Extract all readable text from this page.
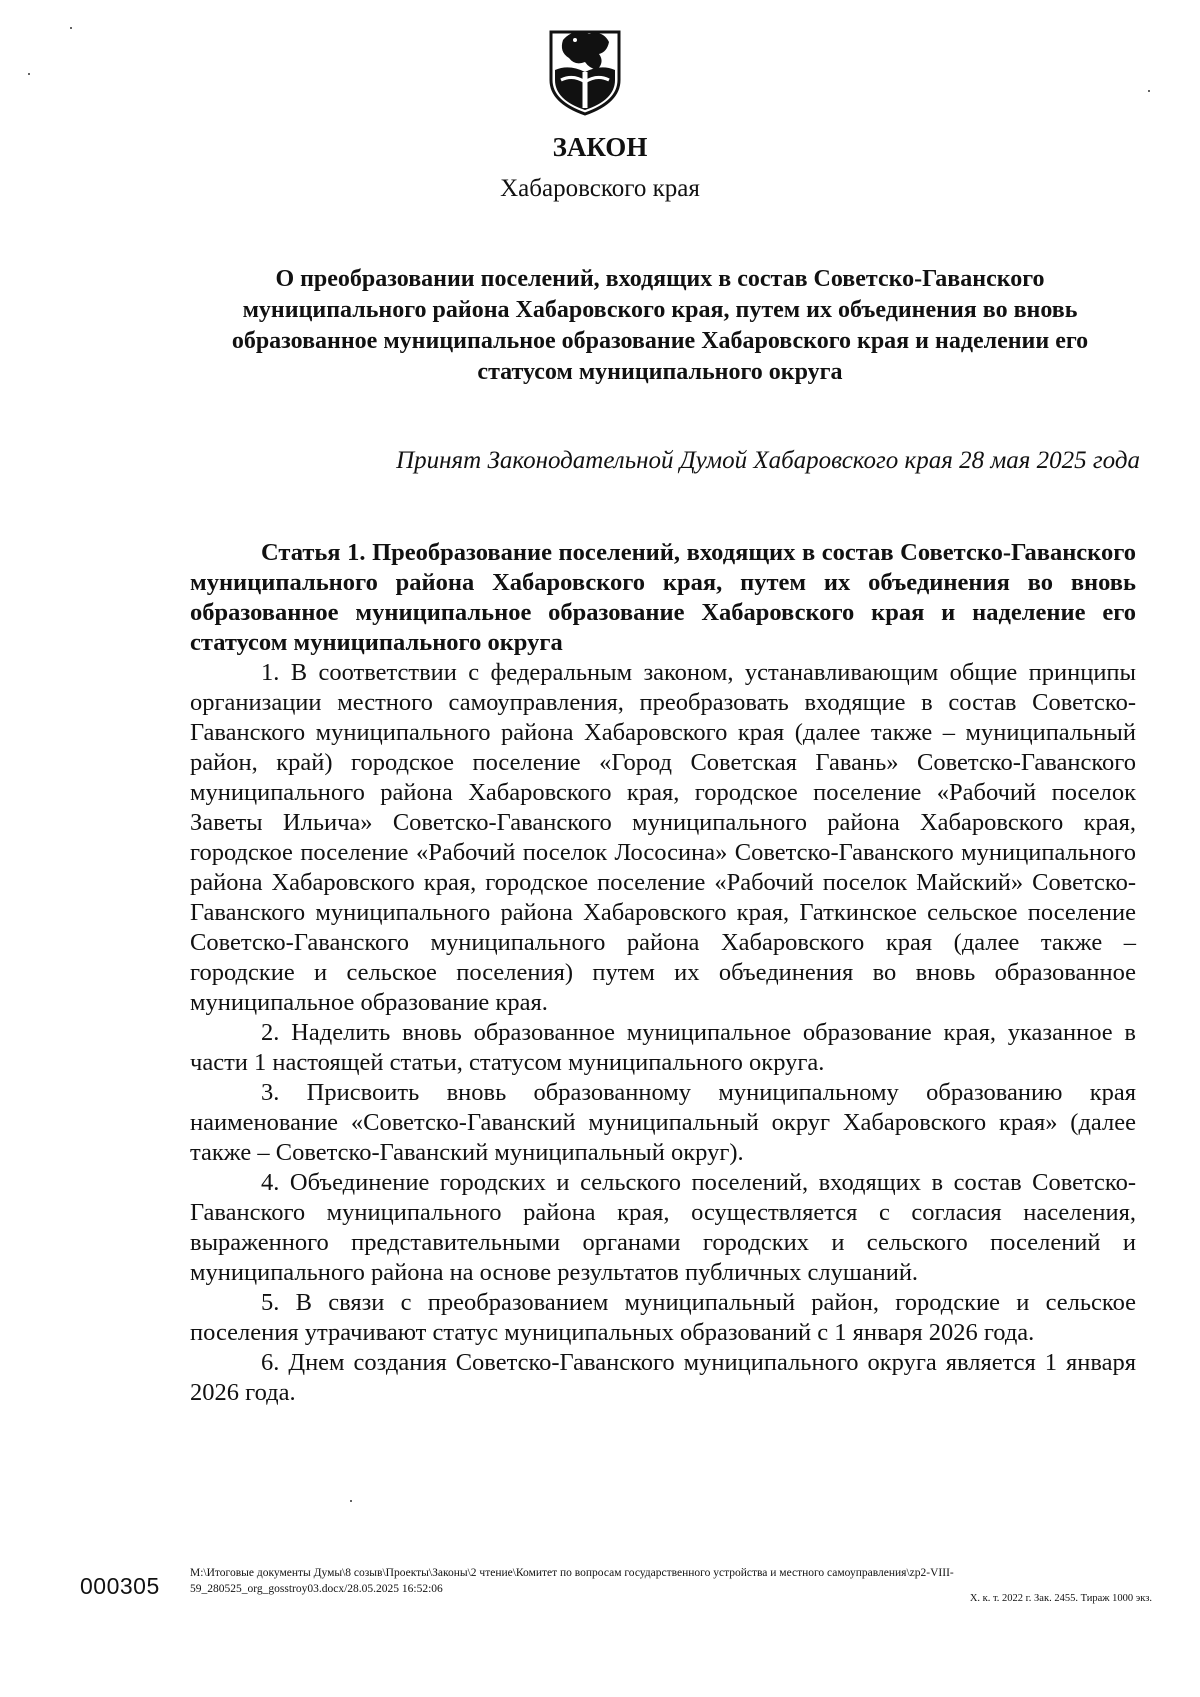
ЗАКОН
Хабаровского края
О преобразовании поселений, входящих в состав Советско-Гаванского муниципального района Хабаровского края, путем их объединения во вновь образованное муниципальное образование Хабаровского края и наделении его статусом муниципального округа
Принят Законодательной Думой Хабаровского края 28 мая 2025 года

Статья 1. Преобразование поселений, входящих в состав Советско-Гаванского муниципального района Хабаровского края, путем их объединения во вновь образованное муниципальное образование Хабаровского края и наделение его статусом муниципального округа

1. В соответствии с федеральным законом, устанавливающим общие принципы организации местного самоуправления, преобразовать входящие в состав Советско-Гаванского муниципального района Хабаровского края (далее также – муниципальный район, край) городское поселение «Город Советская Гавань» Советско-Гаванского муниципального района Хабаровского края, городское поселение «Рабочий поселок Заветы Ильича» Советско-Гаванского муниципального района Хабаровского края, городское поселение «Рабочий поселок Лососина» Советско-Гаванского муниципального района Хабаровского края, городское поселение «Рабочий поселок Майский» Советско-Гаванского муниципального района Хабаровского края, Гаткинское сельское поселение Советско-Гаванского муниципального района Хабаровского края (далее также – городские и сельское поселения) путем их объединения во вновь образованное муниципальное образование края.

2. Наделить вновь образованное муниципальное образование края, указанное в части 1 настоящей статьи, статусом муниципального округа.

3. Присвоить вновь образованному муниципальному образованию края наименование «Советско-Гаванский муниципальный округ Хабаровского края» (далее также – Советско-Гаванский муниципальный округ).

4. Объединение городских и сельского поселений, входящих в состав Советско-Гаванского муниципального района края, осуществляется с согласия населения, выраженного представительными органами городских и сельского поселений и муниципального района на основе результатов публичных слушаний.

5. В связи с преобразованием муниципальный район, городские и сельское поселения утрачивают статус муниципальных образований с 1 января 2026 года.

6. Днем создания Советско-Гаванского муниципального округа является 1 января 2026 года.

000305	M:\Итоговые документы Думы\8 созыв\Проекты\Законы\2 чтение\Комитет по вопросам государственного устройства и местного самоуправления\zp2-VIII-59_280525_org_gosstroy03.docx/28.05.2025 16:52:06
Х. к. т. 2022 г. Зак. 2455. Тираж 1000 экз.
